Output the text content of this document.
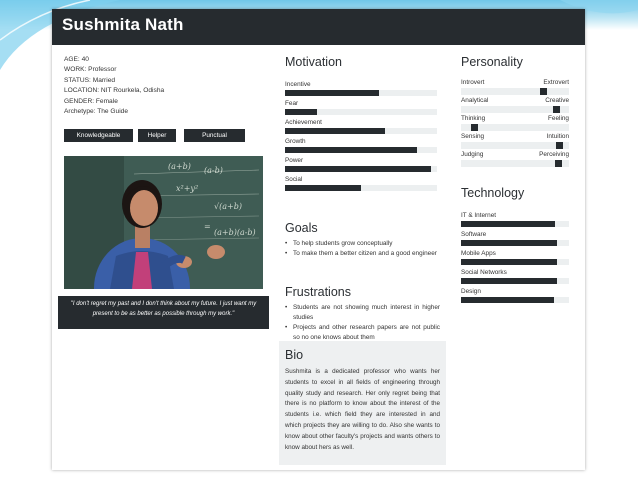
Sushmita Nath
AGE: 40
WORK: Professor
STATUS: Married
LOCATION: NIT Rourkela, Odisha
GENDER: Female
Archetype: The Guide
Knowledgeable	Helper	Punctual
(a+b) (a-b)
x²+y²
√(a+b)
=
(a+b)(a-b)
"I don't regret my past and I don't think about my future. I just want my present to be as better as possible through my work."
Motivation
Incentive
Fear
Achievement
Growth
Power
Social
Goals
• To help students grow conceptually
• To make them a better citizen and a good engineer
Frustrations
• Students are not showing much interest in higher studies
• Projects and other research papers are not public so no one knows about them
Bio
Sushmita is a dedicated professor who wants her students to excel in all fields of engineering through quality study and research. Her only regret being that there is no platform to know about the interest of the students i.e. which field they are interested in and which projects they are willing to do. Also she wants to know about other faculty's projects and wants others to know about hers as well.
Personality
Introvert	Extrovert
Analytical	Creative
Thinking	Feeling
Sensing	Intuition
Judging	Perceiving
Technology
IT & Internet
Software
Mobile Apps
Social Networks
Design
